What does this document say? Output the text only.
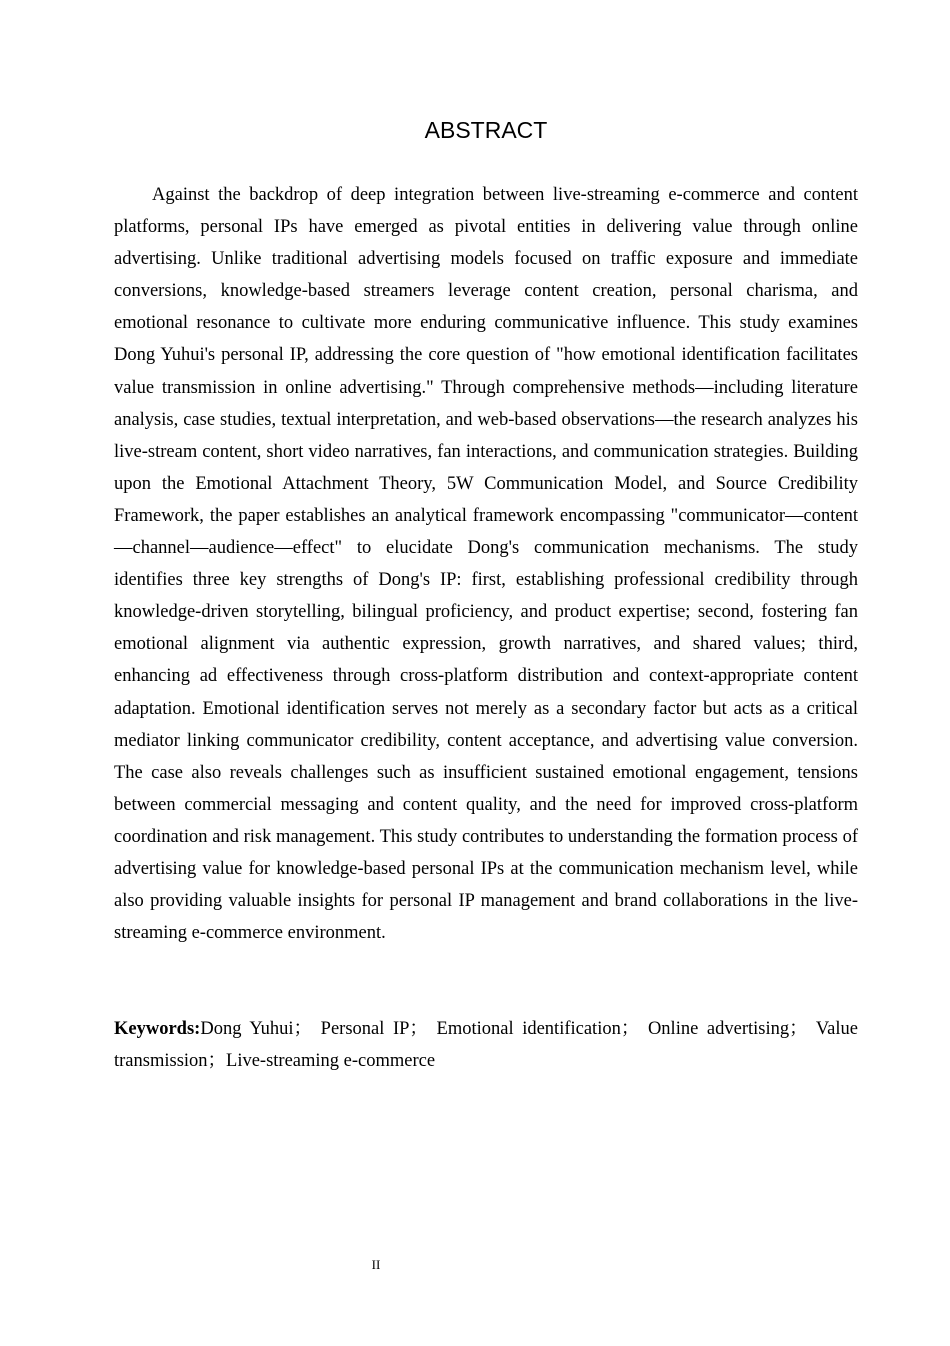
ABSTRACT

Against the backdrop of deep integration between live-streaming e-commerce and content platforms, personal IPs have emerged as pivotal entities in delivering value through online advertising. Unlike traditional advertising models focused on traffic exposure and immediate conversions, knowledge-based streamers leverage content creation, personal charisma, and emotional resonance to cultivate more enduring communicative influence. This study examines Dong Yuhui's personal IP, addressing the core question of "how emotional identification facilitates value transmission in online advertising." Through comprehensive methods—including literature analysis, case studies, textual interpretation, and web-based observations—the research analyzes his live-stream content, short video narratives, fan interactions, and communication strategies. Building upon the Emotional Attachment Theory, 5W Communication Model, and Source Credibility Framework, the paper establishes an analytical framework encompassing "communicator—content—channel—audience—effect" to elucidate Dong's communication mechanisms. The study identifies three key strengths of Dong's IP: first, establishing professional credibility through knowledge-driven storytelling, bilingual proficiency, and product expertise; second, fostering fan emotional alignment via authentic expression, growth narratives, and shared values; third, enhancing ad effectiveness through cross-platform distribution and context-appropriate content adaptation. Emotional identification serves not merely as a secondary factor but acts as a critical mediator linking communicator credibility, content acceptance, and advertising value conversion. The case also reveals challenges such as insufficient sustained emotional engagement, tensions between commercial messaging and content quality, and the need for improved cross-platform coordination and risk management. This study contributes to understanding the formation process of advertising value for knowledge-based personal IPs at the communication mechanism level, while also providing valuable insights for personal IP management and brand collaborations in the live-streaming e-commerce environment.

Keywords:Dong Yuhui； Personal IP； Emotional identification； Online advertising； Value transmission；Live-streaming e-commerce

II
